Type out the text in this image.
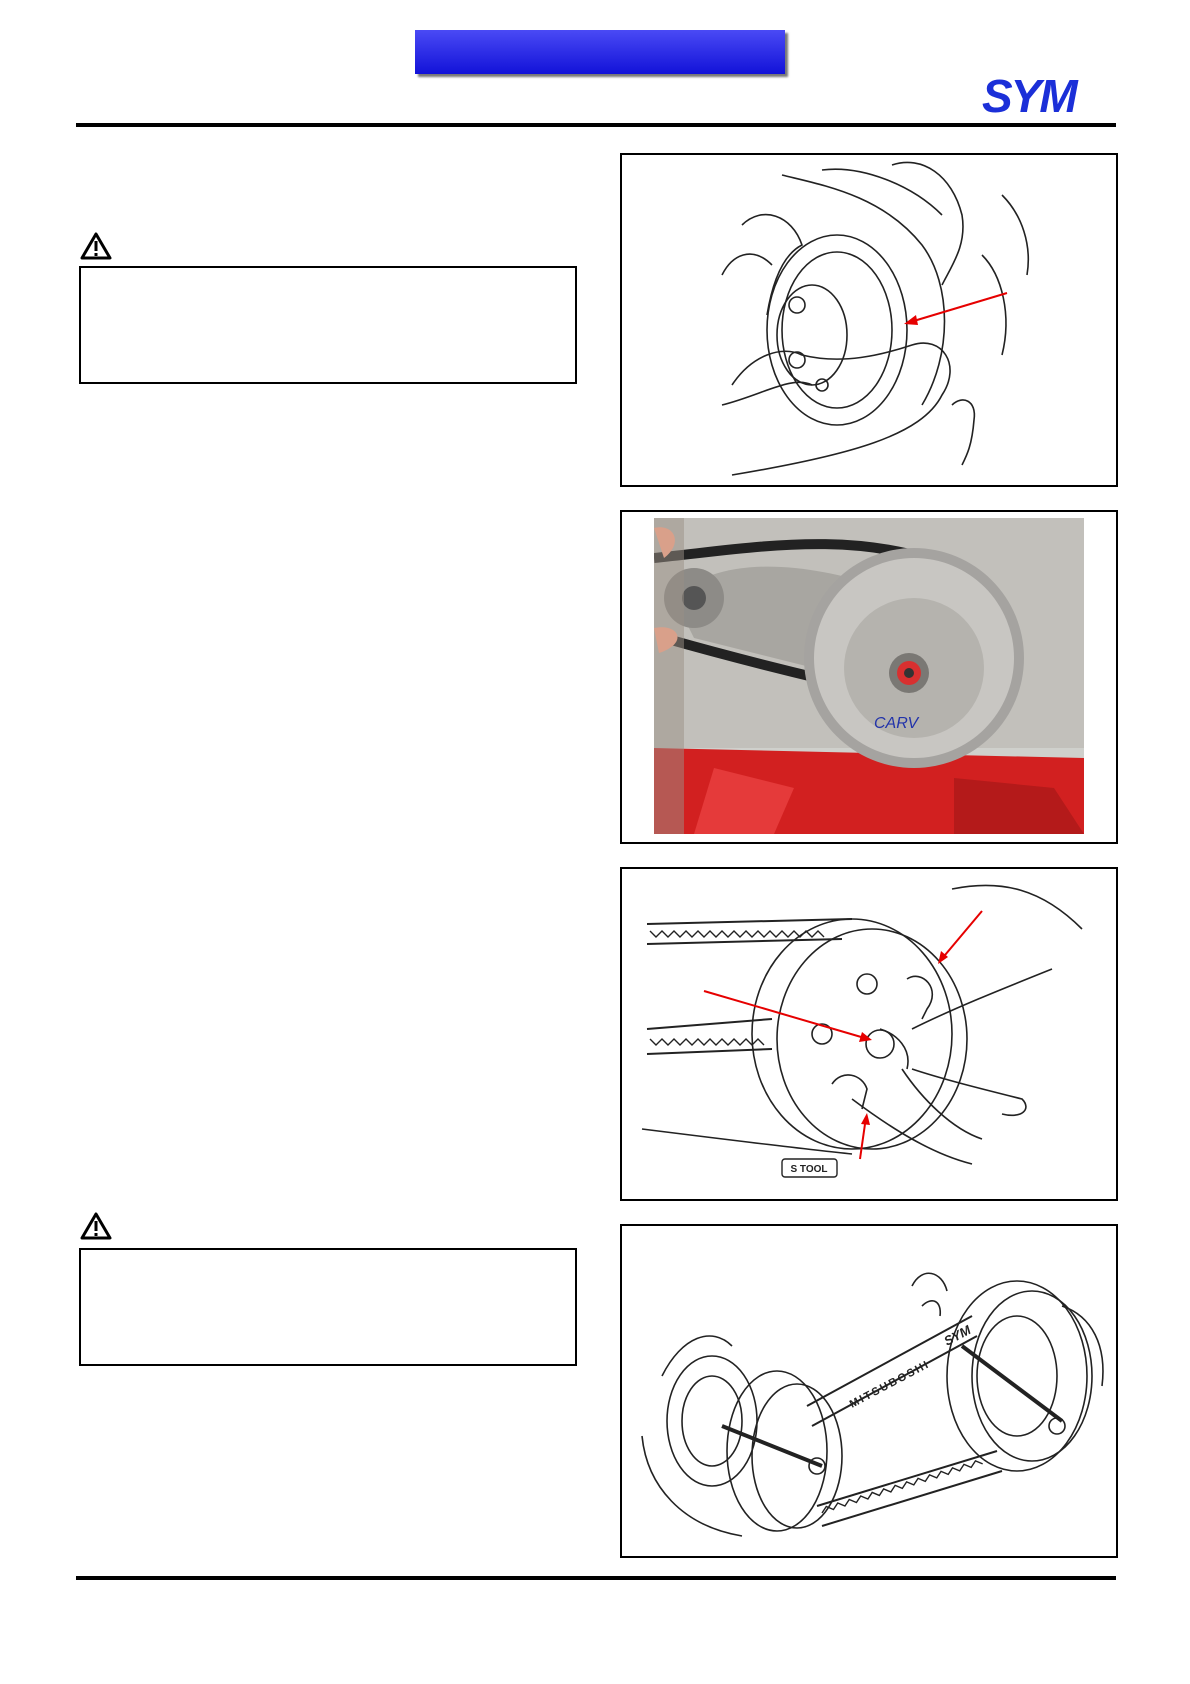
SYM
CARV
S TOOL
MITSUBOSHI
SYM
